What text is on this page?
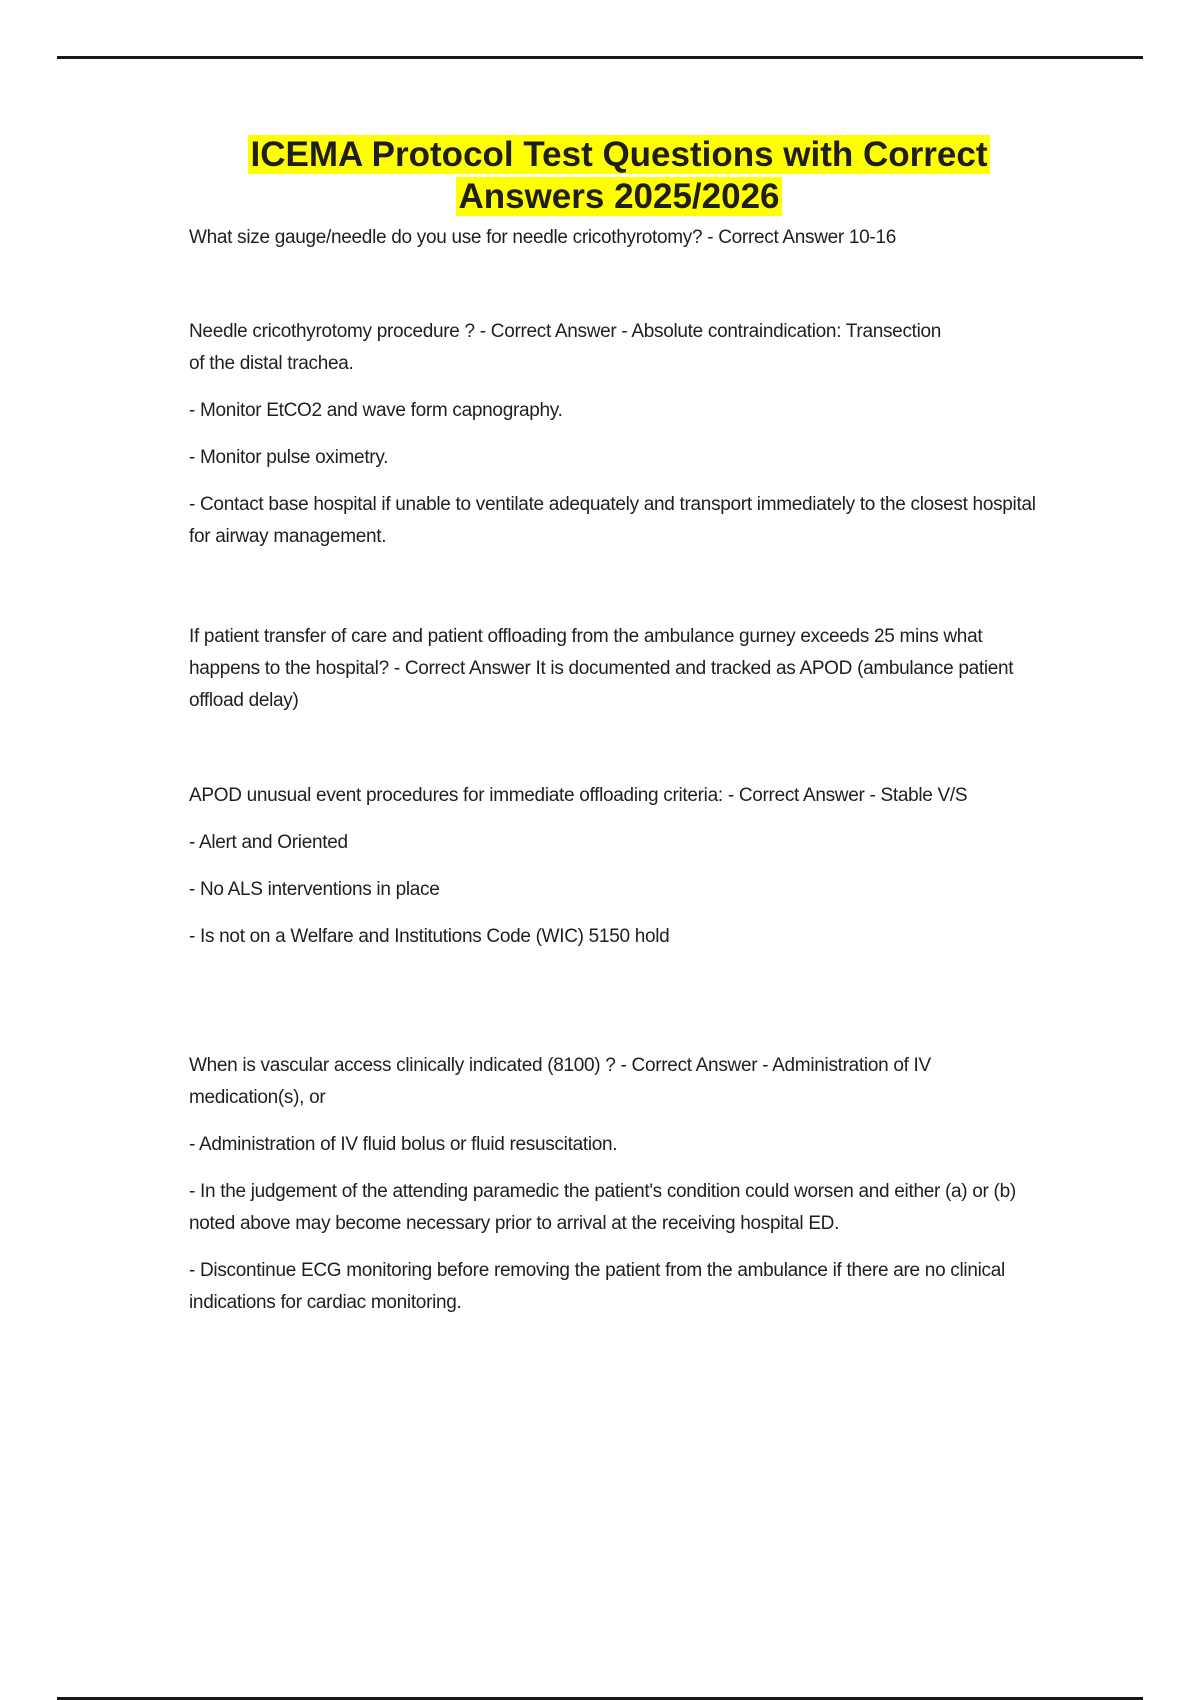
ICEMA Protocol Test Questions with Correct
Answers 2025/2026

What size gauge/needle do you use for needle cricothyrotomy? - Correct Answer 10-16

Needle cricothyrotomy procedure ? - Correct Answer - Absolute contraindication: Transection of the distal trachea.

- Monitor EtCO2 and wave form capnography.

- Monitor pulse oximetry.

- Contact base hospital if unable to ventilate adequately and transport immediately to the closest hospital for airway management.

If patient transfer of care and patient offloading from the ambulance gurney exceeds 25 mins what happens to the hospital? - Correct Answer It is documented and tracked as APOD (ambulance patient offload delay)

APOD unusual event procedures for immediate offloading criteria: - Correct Answer - Stable V/S

- Alert and Oriented

- No ALS interventions in place

- Is not on a Welfare and Institutions Code (WIC) 5150 hold

When is vascular access clinically indicated (8100) ? - Correct Answer - Administration of IV medication(s), or

- Administration of IV fluid bolus or fluid resuscitation.

- In the judgement of the attending paramedic the patient's condition could worsen and either (a) or (b) noted above may become necessary prior to arrival at the receiving hospital ED.

- Discontinue ECG monitoring before removing the patient from the ambulance if there are no clinical indications for cardiac monitoring.
